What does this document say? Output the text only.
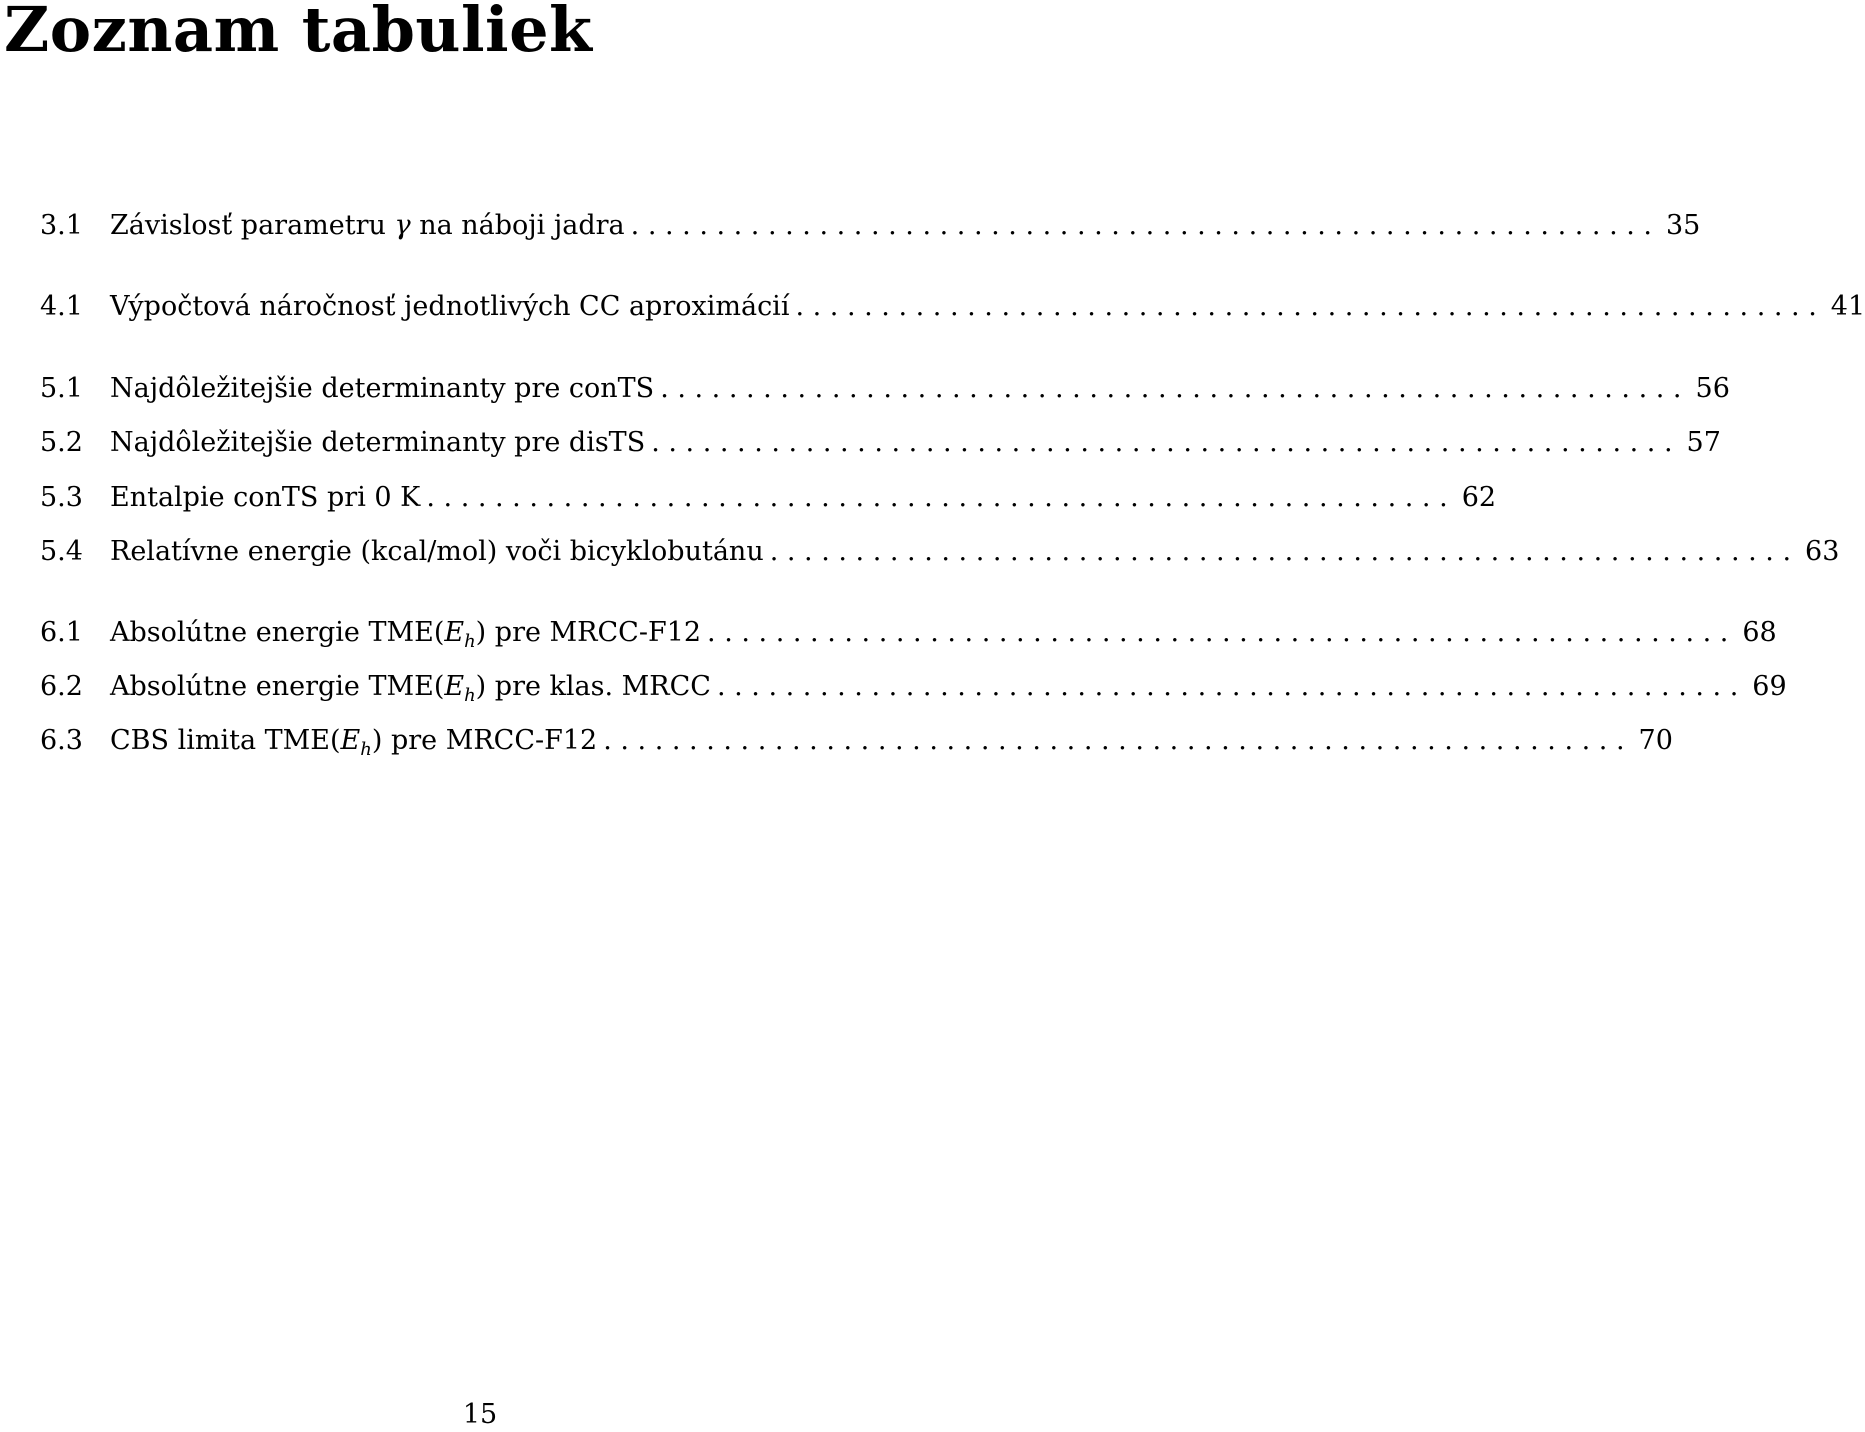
Zoznam tabuliek
3.1	Závislosť parametru γ na náboji jadra . . . . . . . . . . . . . . . . . . . . . . . . . . . . . . . . . . . . . . . . . . . . . . . . . . . . . . . . . . . . 35
4.1	Výpočtová náročnosť jednotlivých CC aproximácií . . . . . . . . . . . . . . . . . . . . . . . . . . . . . . . . . . . . . . . . . . . . . . . . . . . . . . . . . . . . 41
5.1	Najdôležitejšie determinanty pre conTS . . . . . . . . . . . . . . . . . . . . . . . . . . . . . . . . . . . . . . . . . . . . . . . . . . . . . . . . . . . . 56
5.2	Najdôležitejšie determinanty pre disTS . . . . . . . . . . . . . . . . . . . . . . . . . . . . . . . . . . . . . . . . . . . . . . . . . . . . . . . . . . . . 57
5.3	Entalpie conTS pri 0 K . . . . . . . . . . . . . . . . . . . . . . . . . . . . . . . . . . . . . . . . . . . . . . . . . . . . . . . . . . . . 62
5.4	Relatívne energie (kcal/mol) voči bicyklobutánu . . . . . . . . . . . . . . . . . . . . . . . . . . . . . . . . . . . . . . . . . . . . . . . . . . . . . . . . . . . . 63
6.1	Absolútne energie $TME(E_h)$ pre MRCC-F12 . . . . . . . . . . . . . . . . . . . . . . . . . . . . . . . . . . . . . . . . . . . . . . . . . . . . . . . . . . . . 68
6.2	Absolútne energie $TME(E_h)$ pre klas. MRCC . . . . . . . . . . . . . . . . . . . . . . . . . . . . . . . . . . . . . . . . . . . . . . . . . . . . . . . . . . . . 69
6.3	CBS limita $TME(E_h)$ pre MRCC-F12 . . . . . . . . . . . . . . . . . . . . . . . . . . . . . . . . . . . . . . . . . . . . . . . . . . . . . . . . . . . . 70
15
